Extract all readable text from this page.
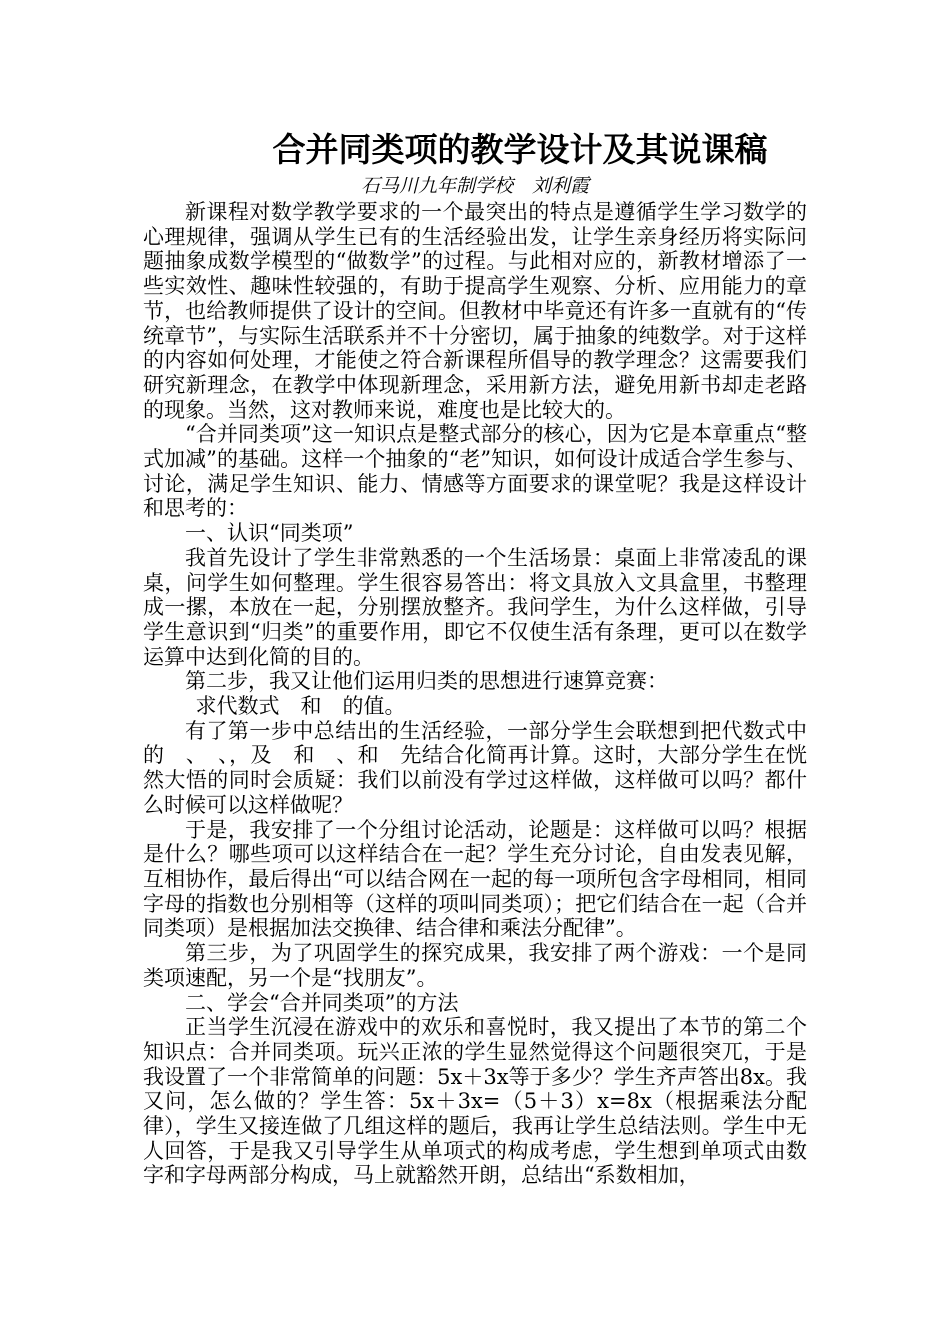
合并同类项的教学设计及其说课稿
石马川九年制学校　刘利霞

新课程对数学教学要求的一个最突出的特点是遵循学生学习数学的心理规律，强调从学生已有的生活经验出发，让学生亲身经历将实际问题抽象成数学模型的“做数学”的过程。与此相对应的，新教材增添了一些实效性、趣味性较强的，有助于提高学生观察、分析、应用能力的章节，也给教师提供了设计的空间。但教材中毕竟还有许多一直就有的“传统章节”，与实际生活联系并不十分密切，属于抽象的纯数学。对于这样的内容如何处理，才能使之符合新课程所倡导的教学理念？这需要我们研究新理念，在教学中体现新理念，采用新方法，避免用新书却走老路的现象。当然，这对教师来说，难度也是比较大的。

“合并同类项”这一知识点是整式部分的核心，因为它是本章重点“整式加减”的基础。这样一个抽象的“老”知识，如何设计成适合学生参与、讨论，满足学生知识、能力、情感等方面要求的课堂呢？我是这样设计和思考的：

一、认识“同类项”

我首先设计了学生非常熟悉的一个生活场景：桌面上非常凌乱的课桌，问学生如何整理。学生很容易答出：将文具放入文具盒里，书整理成一摞，本放在一起，分别摆放整齐。我问学生，为什么这样做，引导学生意识到“归类”的重要作用，即它不仅使生活有条理，更可以在数学运算中达到化简的目的。

第二步，我又让他们运用归类的思想进行速算竞赛：

求代数式　和　的值。

有了第一步中总结出的生活经验，一部分学生会联想到把代数式中的　、　、，及　和　、和　先结合化简再计算。这时，大部分学生在恍然大悟的同时会质疑：我们以前没有学过这样做，这样做可以吗？都什么时候可以这样做呢？

于是，我安排了一个分组讨论活动，论题是：这样做可以吗？根据是什么？哪些项可以这样结合在一起？学生充分讨论，自由发表见解，互相协作，最后得出“可以结合网在一起的每一项所包含字母相同，相同字母的指数也分别相等（这样的项叫同类项）；把它们结合在一起（合并同类项）是根据加法交换律、结合律和乘法分配律”。

第三步，为了巩固学生的探究成果，我安排了两个游戏：一个是同类项速配，另一个是“找朋友”。

二、学会“合并同类项”的方法

正当学生沉浸在游戏中的欢乐和喜悦时，我又提出了本节的第二个知识点：合并同类项。玩兴正浓的学生显然觉得这个问题很突兀，于是我设置了一个非常简单的问题：5x＋3x等于多少？学生齐声答出8x。我又问，怎么做的？学生答：5x＋3x=（5＋3）x=8x（根据乘法分配律），学生又接连做了几组这样的题后，我再让学生总结法则。学生中无人回答，于是我又引导学生从单项式的构成考虑，学生想到单项式由数字和字母两部分构成，马上就豁然开朗，总结出“系数相加，
